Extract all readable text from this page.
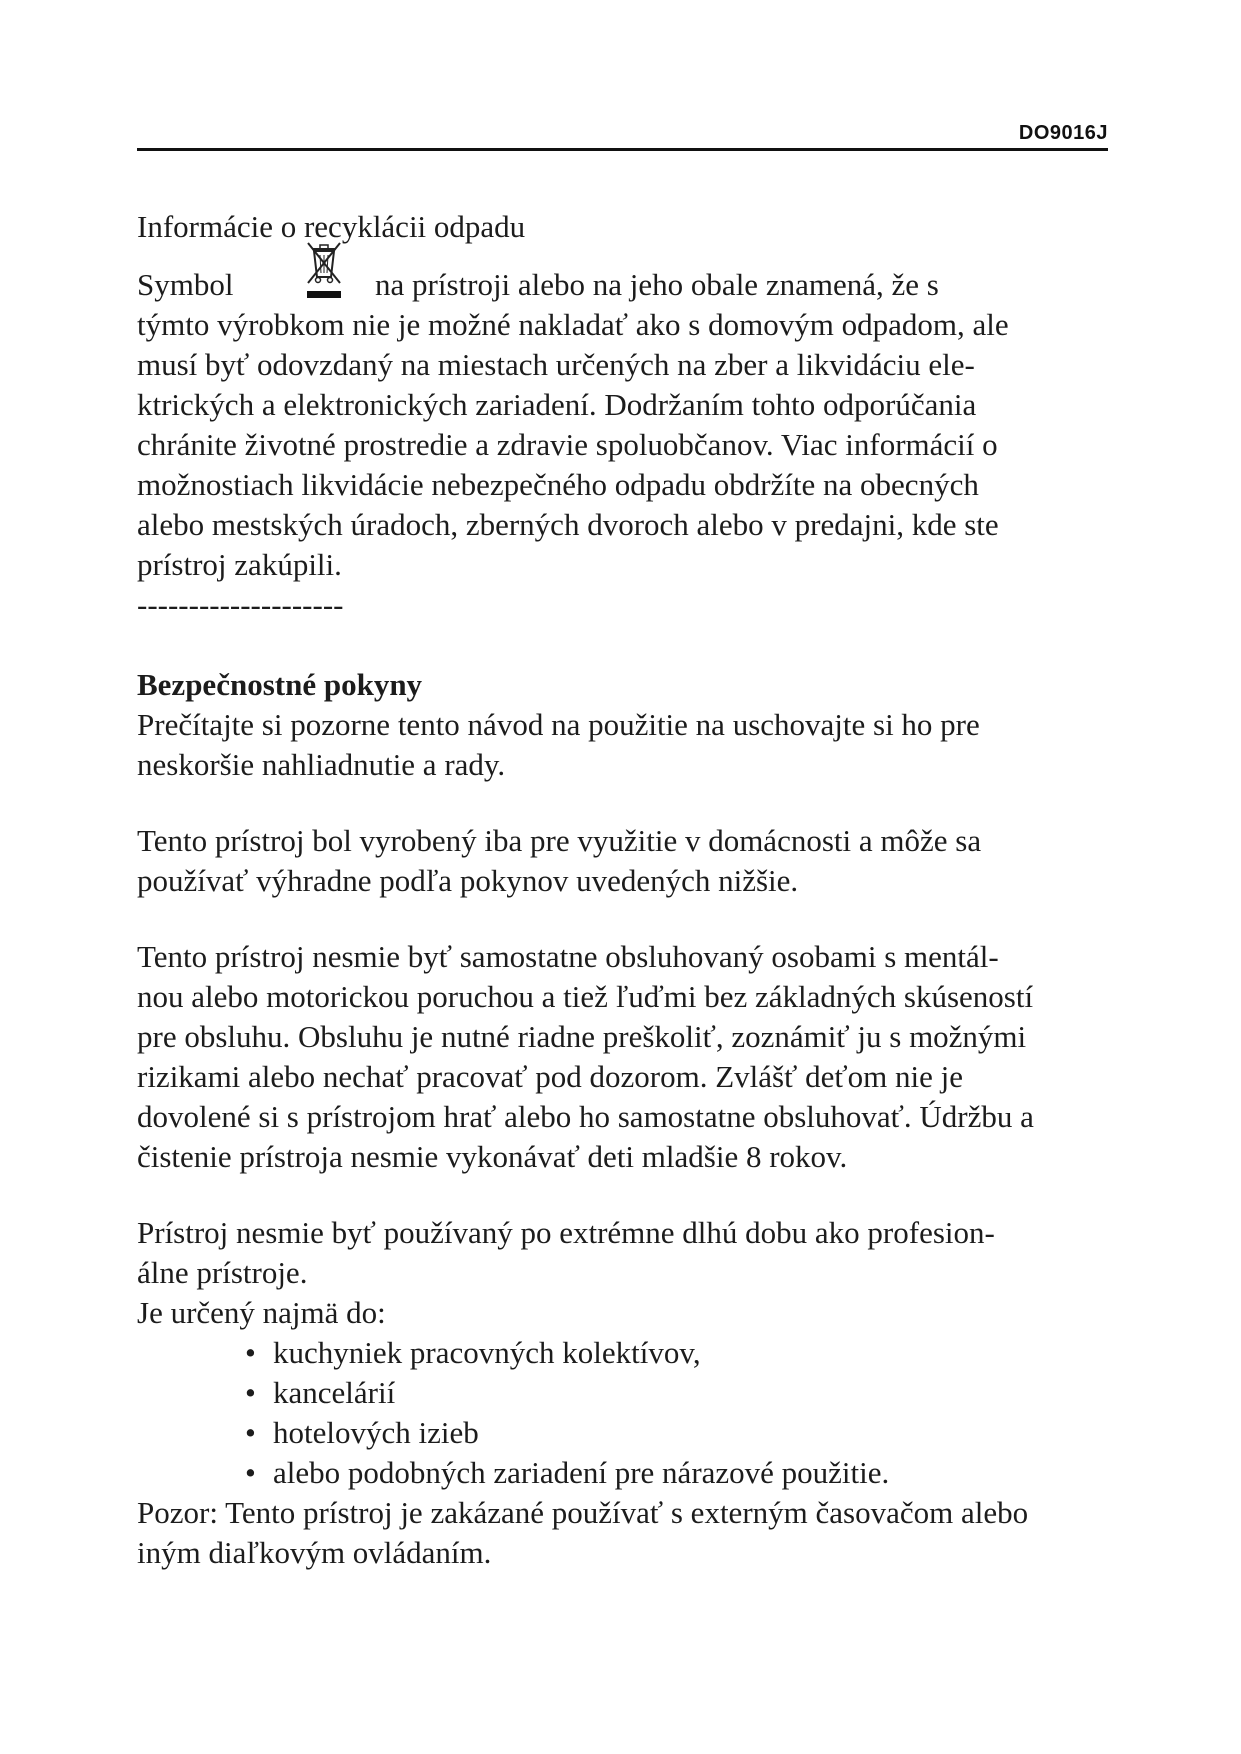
DO9016J

Informácie o recyklácii odpadu

Symbol	na prístroji alebo na jeho obale znamená, že s

týmto výrobkom nie je možné nakladať ako s domovým odpadom, ale

musí byť odovzdaný na miestach určených na zber a likvidáciu ele-

ktrických a elektronických zariadení. Dodržaním tohto odporúčania

chránite životné prostredie a zdravie spoluobčanov. Viac informácií o

možnostiach likvidácie nebezpečného odpadu obdržíte na obecných

alebo mestských úradoch, zberných dvoroch alebo v predajni, kde ste

prístroj zakúpili.

--------------------

Bezpečnostné pokyny

Prečítajte si pozorne tento návod na použitie na uschovajte si ho pre

neskoršie nahliadnutie a rady.

Tento prístroj bol vyrobený iba pre využitie v domácnosti a môže sa

používať výhradne podľa pokynov uvedených nižšie.

Tento prístroj nesmie byť samostatne obsluhovaný osobami s mentál-

nou alebo motorickou poruchou a tiež ľuďmi bez základných skúseností

pre obsluhu. Obsluhu je nutné riadne preškoliť, zoznámiť ju s možnými

rizikami alebo nechať pracovať pod dozorom. Zvlášť deťom nie je

dovolené si s prístrojom hrať alebo ho samostatne obsluhovať. Údržbu a

čistenie prístroja nesmie vykonávať deti mladšie 8 rokov.

Prístroj nesmie byť používaný po extrémne dlhú dobu ako profesion-

álne prístroje.

Je určený najmä do:

• kuchyniek pracovných kolektívov,
• kancelárií
• hotelových izieb
• alebo podobných zariadení pre nárazové použitie.

Pozor: Tento prístroj je zakázané používať s externým časovačom alebo

iným diaľkovým ovládaním.
